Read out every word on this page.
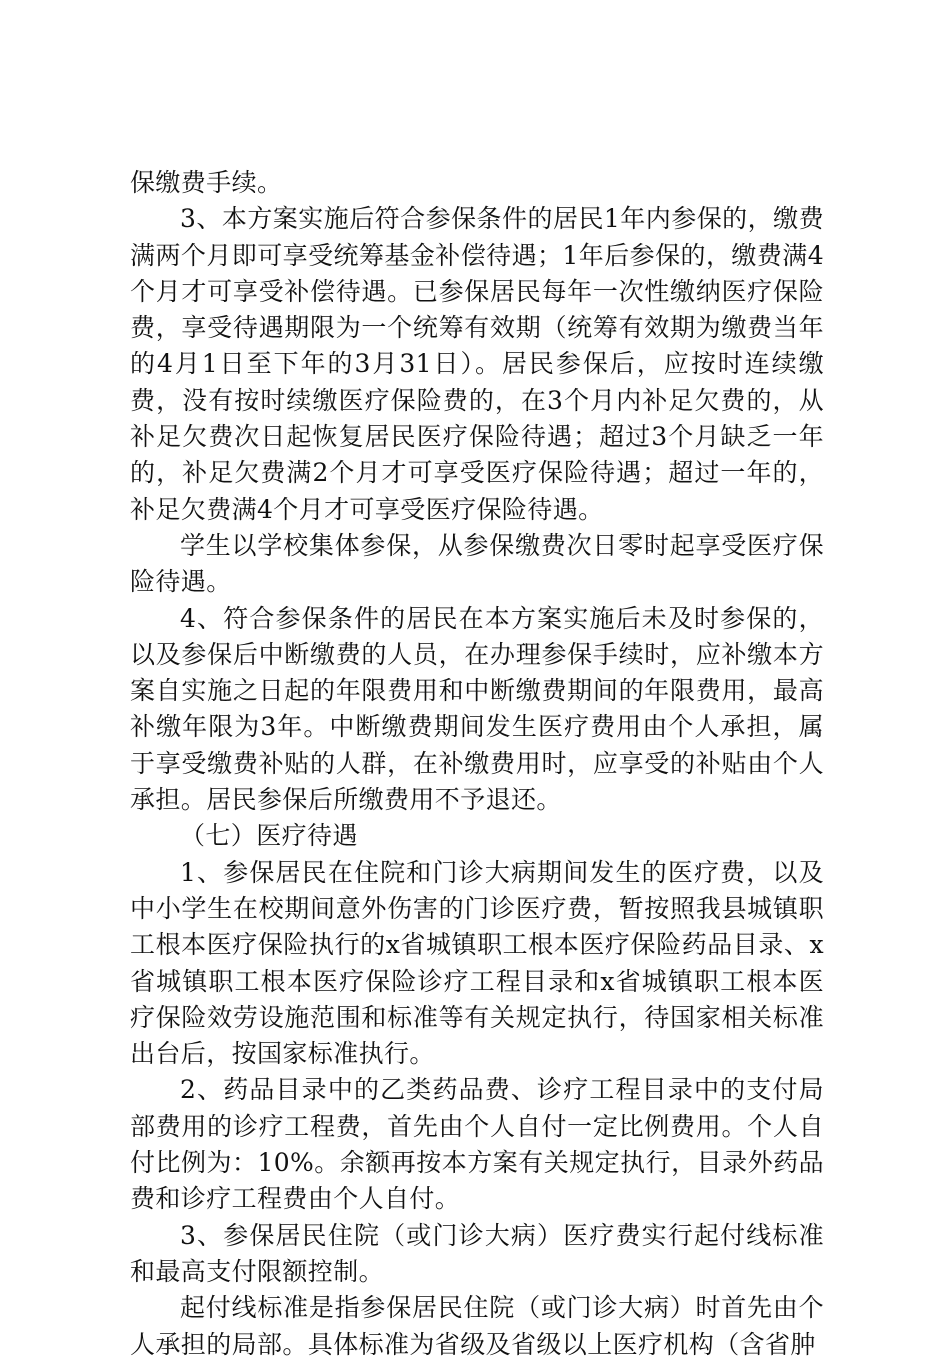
保缴费手续。

3、本方案实施后符合参保条件的居民1年内参保的，缴费满两个月即可享受统筹基金补偿待遇；1年后参保的，缴费满4个月才可享受补偿待遇。已参保居民每年一次性缴纳医疗保险费，享受待遇期限为一个统筹有效期（统筹有效期为缴费当年的4月1日至下年的3月31日）。居民参保后，应按时连续缴费，没有按时续缴医疗保险费的，在3个月内补足欠费的，从补足欠费次日起恢复居民医疗保险待遇；超过3个月缺乏一年的，补足欠费满2个月才可享受医疗保险待遇；超过一年的，补足欠费满4个月才可享受医疗保险待遇。

学生以学校集体参保，从参保缴费次日零时起享受医疗保险待遇。

4、符合参保条件的居民在本方案实施后未及时参保的，以及参保后中断缴费的人员，在办理参保手续时，应补缴本方案自实施之日起的年限费用和中断缴费期间的年限费用，最高补缴年限为3年。中断缴费期间发生医疗费用由个人承担，属于享受缴费补贴的人群，在补缴费用时，应享受的补贴由个人承担。居民参保后所缴费用不予退还。

（七）医疗待遇

1、参保居民在住院和门诊大病期间发生的医疗费，以及中小学生在校期间意外伤害的门诊医疗费，暂按照我县城镇职工根本医疗保险执行的x省城镇职工根本医疗保险药品目录、x省城镇职工根本医疗保险诊疗工程目录和x省城镇职工根本医疗保险效劳设施范围和标准等有关规定执行，待国家相关标准出台后，按国家标准执行。

2、药品目录中的乙类药品费、诊疗工程目录中的支付局部费用的诊疗工程费，首先由个人自付一定比例费用。个人自付比例为：10%。余额再按本方案有关规定执行，目录外药品费和诊疗工程费由个人自付。

3、参保居民住院（或门诊大病）医疗费实行起付线标准和最高支付限额控制。

起付线标准是指参保居民住院（或门诊大病）时首先由个人承担的局部。具体标准为省级及省级以上医疗机构（含省肿
